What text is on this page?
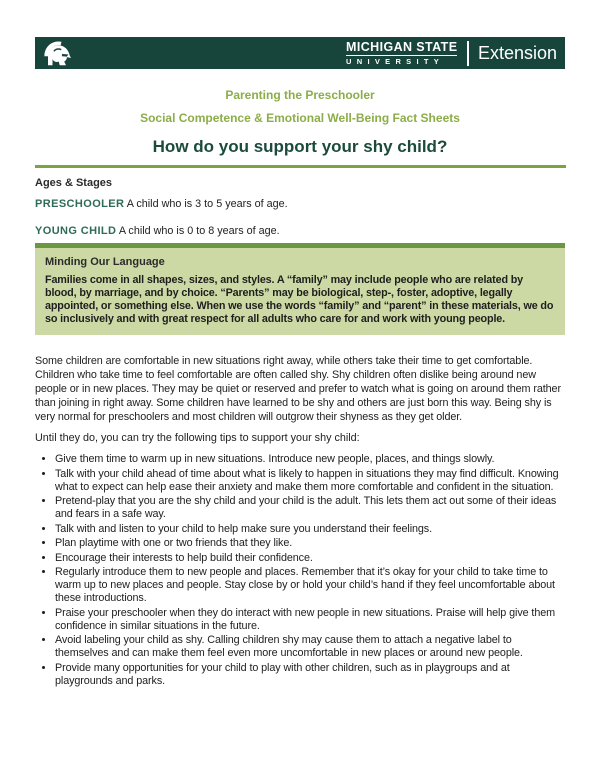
MICHIGAN STATE
UNIVERSITY Extension
Parenting the Preschooler
Social Competence & Emotional Well-Being Fact Sheets
How do you support your shy child?
Ages & Stages

PRESCHOOLER A child who is 3 to 5 years of age.

YOUNG CHILD A child who is 0 to 8 years of age.

Minding Our Language

Families come in all shapes, sizes, and styles. A “family” may include people who are related by blood, by marriage, and by choice. “Parents” may be biological, step-, foster, adoptive, legally appointed, or something else. When we use the words “family” and “parent” in these materials, we do so inclusively and with great respect for all adults who care for and work with young people.

Some children are comfortable in new situations right away, while others take their time to get comfortable. Children who take time to feel comfortable are often called shy. Shy children often dislike being around new people or in new places. They may be quiet or reserved and prefer to watch what is going on around them rather than joining in right away. Some children have learned to be shy and others are just born this way. Being shy is very normal for preschoolers and most children will outgrow their shyness as they get older.

Until they do, you can try the following tips to support your shy child:

• Give them time to warm up in new situations. Introduce new people, places, and things slowly.
• Talk with your child ahead of time about what is likely to happen in situations they may find difficult. Knowing what to expect can help ease their anxiety and make them more comfortable and confident in the situation.
• Pretend-play that you are the shy child and your child is the adult. This lets them act out some of their ideas and fears in a safe way.
• Talk with and listen to your child to help make sure you understand their feelings.
• Plan playtime with one or two friends that they like.
• Encourage their interests to help build their confidence.
• Regularly introduce them to new people and places. Remember that it’s okay for your child to take time to warm up to new places and people. Stay close by or hold your child’s hand if they feel uncomfortable about these introductions.
• Praise your preschooler when they do interact with new people in new situations. Praise will help give them confidence in similar situations in the future.
• Avoid labeling your child as shy. Calling children shy may cause them to attach a negative label to themselves and can make them feel even more uncomfortable in new places or around new people.
• Provide many opportunities for your child to play with other children, such as in playgroups and at playgrounds and parks.
